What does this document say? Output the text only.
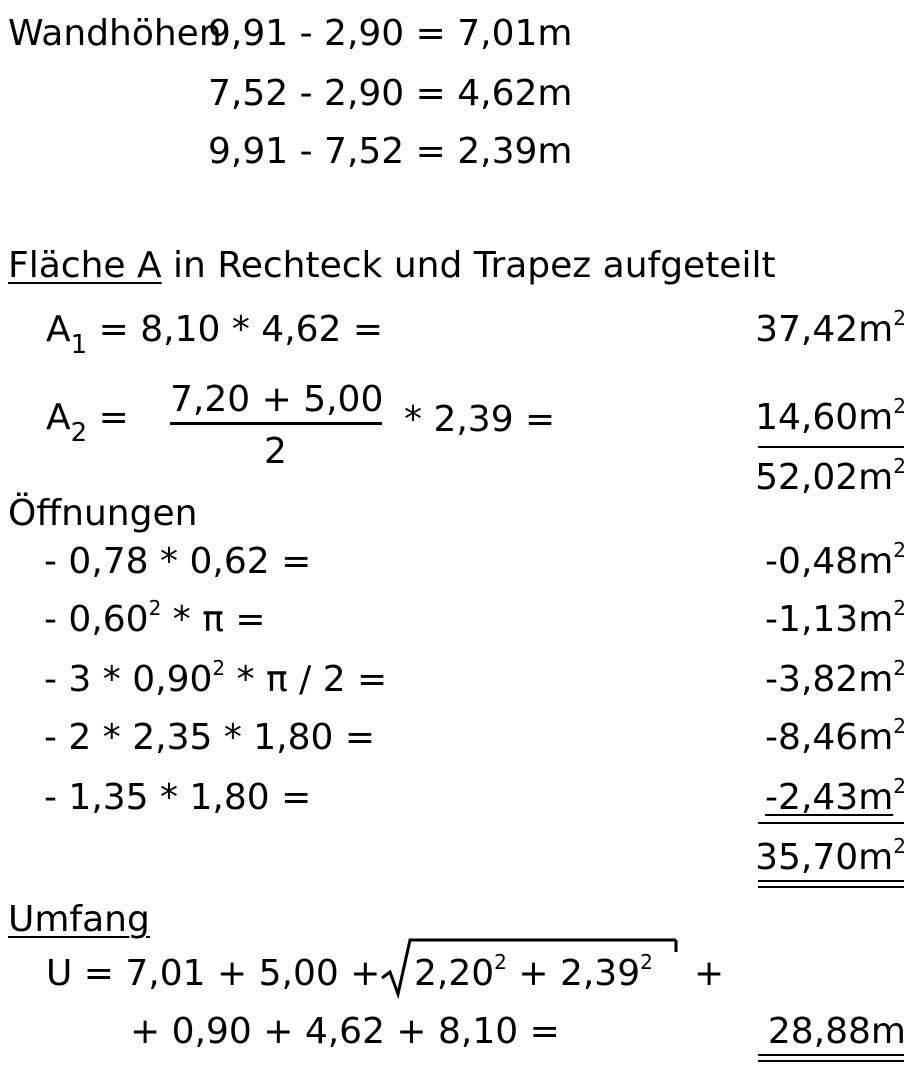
Wandhöhen
9,91 - 2,90 = 7,01m
7,52 - 2,90 = 4,62m
9,91 - 7,52 = 2,39m
Fläche A in Rechteck und Trapez aufgeteilt
$A_1 = 8,10 * 4,62$ =	$37,42m^2$
$A_2 = 7,20 + 5,00$
2
* 2,39 =	$14,60m^2$
$52,02m^2$
Öffnungen
- 0,78 * 0,62 =	$-0,48m^2$
- 0,60$^2$ * π =	$-1,13m^2$
- 3 * 0,90$^2$ * π / 2 =	$-3,82m^2$
- 2 * 2,35 * 1,80 =	$-8,46m^2$
- 1,35 * 1,80 =	$-2,43m^2$
$35,70m^2$
Umfang
$U = 7,01 + 5,00 + 2,20^2 + 2,39^2$ +
+ 0,90 + 4,62 + 8,10 =	28,88m
